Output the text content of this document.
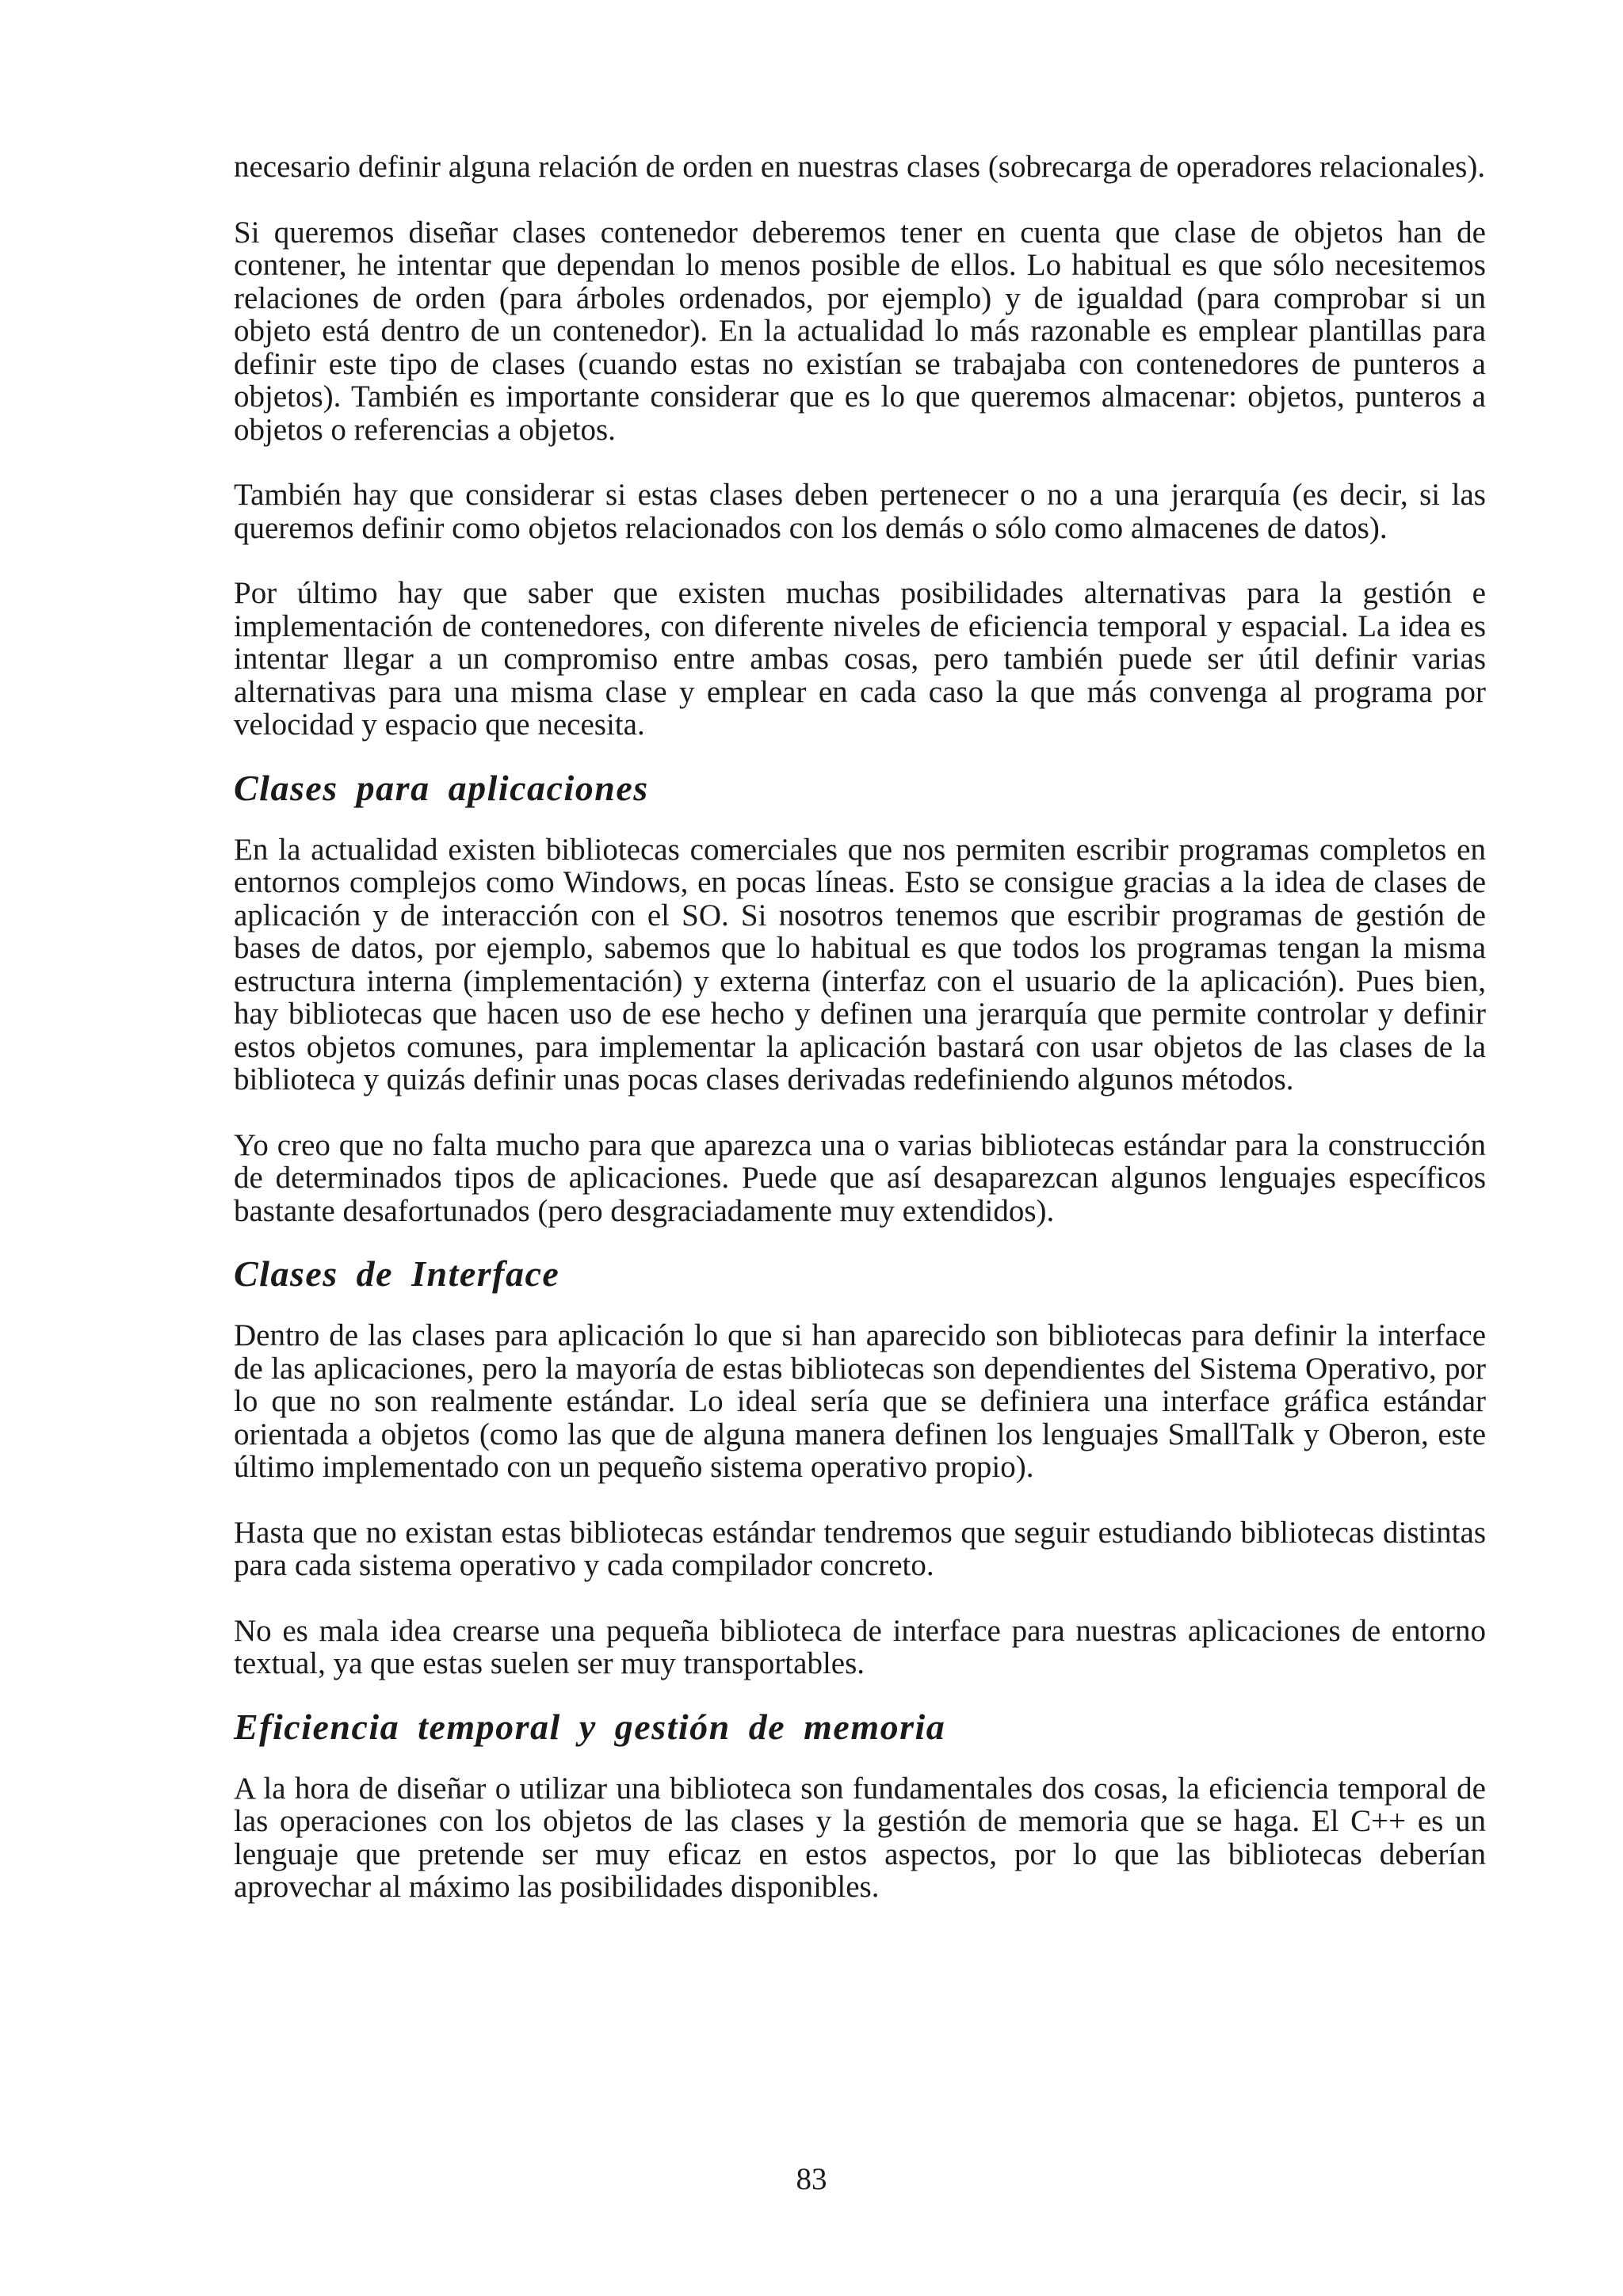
necesario definir alguna relación de orden en nuestras clases (sobrecarga de operadores relacionales).

Si queremos diseñar clases contenedor deberemos tener en cuenta que clase de objetos han de contener, he intentar que dependan lo menos posible de ellos. Lo habitual es que sólo necesitemos relaciones de orden (para árboles ordenados, por ejemplo) y de igualdad (para comprobar si un objeto está dentro de un contenedor). En la actualidad lo más razonable es emplear plantillas para definir este tipo de clases (cuando estas no existían se trabajaba con contenedores de punteros a objetos). También es importante considerar que es lo que queremos almacenar: objetos, punteros a objetos o referencias a objetos.

También hay que considerar si estas clases deben pertenecer o no a una jerarquía (es decir, si las queremos definir como objetos relacionados con los demás o sólo como almacenes de datos).

Por último hay que saber que existen muchas posibilidades alternativas para la gestión e implementación de contenedores, con diferente niveles de eficiencia temporal y espacial. La idea es intentar llegar a un compromiso entre ambas cosas, pero también puede ser útil definir varias alternativas para una misma clase y emplear en cada caso la que más convenga al programa por velocidad y espacio que necesita.

Clases para aplicaciones

En la actualidad existen bibliotecas comerciales que nos permiten escribir programas completos en entornos complejos como Windows, en pocas líneas. Esto se consigue gracias a la idea de clases de aplicación y de interacción con el SO. Si nosotros tenemos que escribir programas de gestión de bases de datos, por ejemplo, sabemos que lo habitual es que todos los programas tengan la misma estructura interna (implementación) y externa (interfaz con el usuario de la aplicación). Pues bien, hay bibliotecas que hacen uso de ese hecho y definen una jerarquía que permite controlar y definir estos objetos comunes, para implementar la aplicación bastará con usar objetos de las clases de la biblioteca y quizás definir unas pocas clases derivadas redefiniendo algunos métodos.

Yo creo que no falta mucho para que aparezca una o varias bibliotecas estándar para la construcción de determinados tipos de aplicaciones. Puede que así desaparezcan algunos lenguajes específicos bastante desafortunados (pero desgraciadamente muy extendidos).

Clases de Interface

Dentro de las clases para aplicación lo que si han aparecido son bibliotecas para definir la interface de las aplicaciones, pero la mayoría de estas bibliotecas son dependientes del Sistema Operativo, por lo que no son realmente estándar. Lo ideal sería que se definiera una interface gráfica estándar orientada a objetos (como las que de alguna manera definen los lenguajes SmallTalk y Oberon, este último implementado con un pequeño sistema operativo propio).

Hasta que no existan estas bibliotecas estándar tendremos que seguir estudiando bibliotecas distintas para cada sistema operativo y cada compilador concreto.

No es mala idea crearse una pequeña biblioteca de interface para nuestras aplicaciones de entorno textual, ya que estas suelen ser muy transportables.

Eficiencia temporal y gestión de memoria

A la hora de diseñar o utilizar una biblioteca son fundamentales dos cosas, la eficiencia temporal de las operaciones con los objetos de las clases y la gestión de memoria que se haga. El C++ es un lenguaje que pretende ser muy eficaz en estos aspectos, por lo que las bibliotecas deberían aprovechar al máximo las posibilidades disponibles.

83
